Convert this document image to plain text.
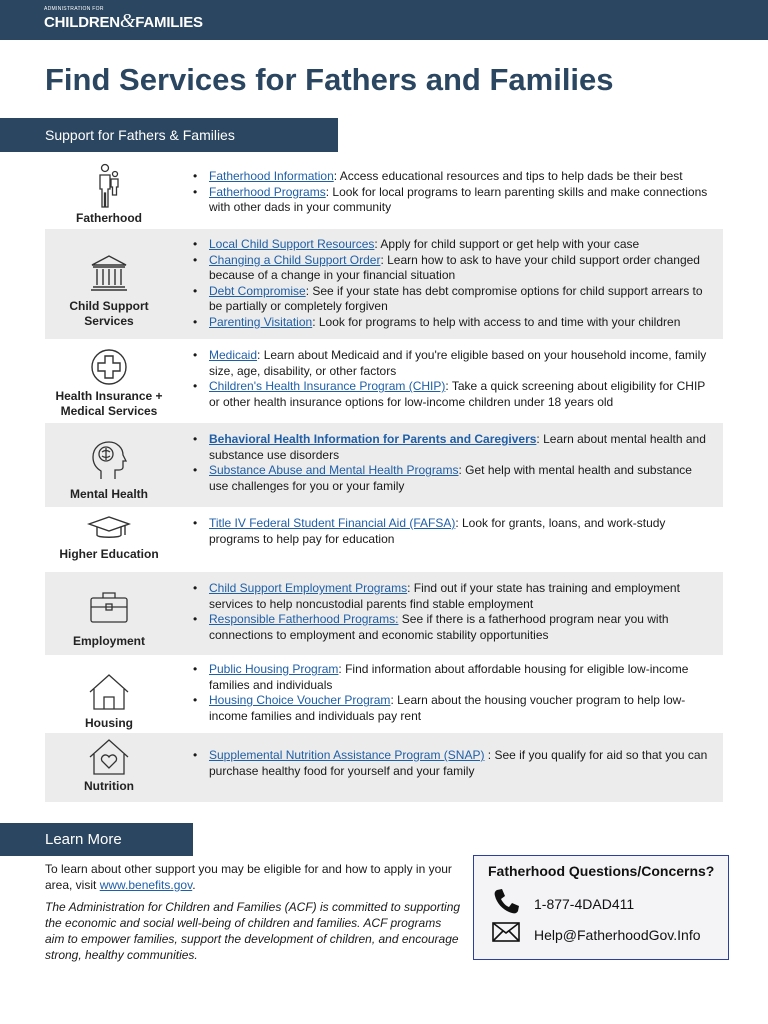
ADMINISTRATION FOR
CHILDREN&FAMILIES
Find Services for Fathers and Families
Support for Fathers & Families
Fatherhood
• Fatherhood Information: Access educational resources and tips to help dads be their best
• Fatherhood Programs: Look for local programs to learn parenting skills and make connections with other dads in your community
Child Support Services
• Local Child Support Resources: Apply for child support or get help with your case
• Changing a Child Support Order: Learn how to ask to have your child support order changed because of a change in your financial situation
• Debt Compromise: See if your state has debt compromise options for child support arrears to be partially or completely forgiven
• Parenting Visitation: Look for programs to help with access to and time with your children
Health Insurance + Medical Services
• Medicaid: Learn about Medicaid and if you're eligible based on your household income, family size, age, disability, or other factors
• Children's Health Insurance Program (CHIP): Take a quick screening about eligibility for CHIP or other health insurance options for low-income children under 18 years old
Mental Health
• Behavioral Health Information for Parents and Caregivers: Learn about mental health and substance use disorders
• Substance Abuse and Mental Health Programs: Get help with mental health and substance use challenges for you or your family
Higher Education
• Title IV Federal Student Financial Aid (FAFSA): Look for grants, loans, and work-study programs to help pay for education
Employment
• Child Support Employment Programs: Find out if your state has training and employment services to help noncustodial parents find stable employment
• Responsible Fatherhood Programs: See if there is a fatherhood program near you with connections to employment and economic stability opportunities
Housing
• Public Housing Program: Find information about affordable housing for eligible low-income families and individuals
• Housing Choice Voucher Program: Learn about the housing voucher program to help low-income families and individuals pay rent
Nutrition
• Supplemental Nutrition Assistance Program (SNAP) : See if you qualify for aid so that you can purchase healthy food for yourself and your family
Learn More

To learn about other support you may be eligible for and how to apply in your area, visit www.benefits.gov.

The Administration for Children and Families (ACF) is committed to supporting the economic and social well-being of children and families. ACF programs aim to empower families, support the development of children, and encourage strong, healthy communities.

Fatherhood Questions/Concerns?
1-877-4DAD411
Help@FatherhoodGov.Info
